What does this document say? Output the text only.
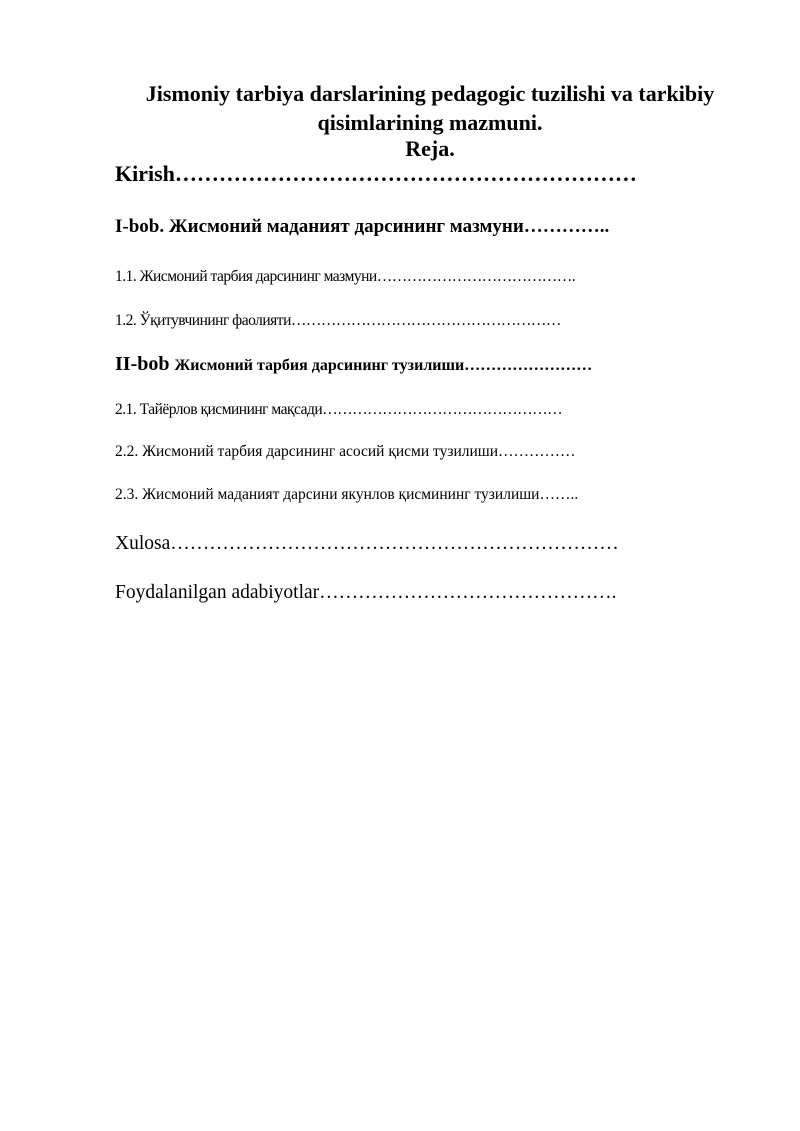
Jismoniy tarbiya darslarining pedagogic tuzilishi va tarkibiy
qisimlarining mazmuni.
Reja.
Kirish………………………………………………………
I-bob. Жисмоний маданият дарсининг мазмуни…………..
1.1. Жисмоний тарбия дарсининг мазмуни………………………………….
1.2. Ўқитувчининг фаолияти………………………………………………
II-bob Жисмоний тарбия дарсининг тузилиши……………………
2.1. Тайёрлов қисмининг мақсади…………………………………………
2.2. Жисмоний тарбия дарсининг асосий қисми тузилиши……………
2.3. Жисмоний маданият дарсини якунлов қисмининг тузилиши……..
Xulosa……………………………………………………………
Foydalanilgan adabiyotlar……………………………………….
